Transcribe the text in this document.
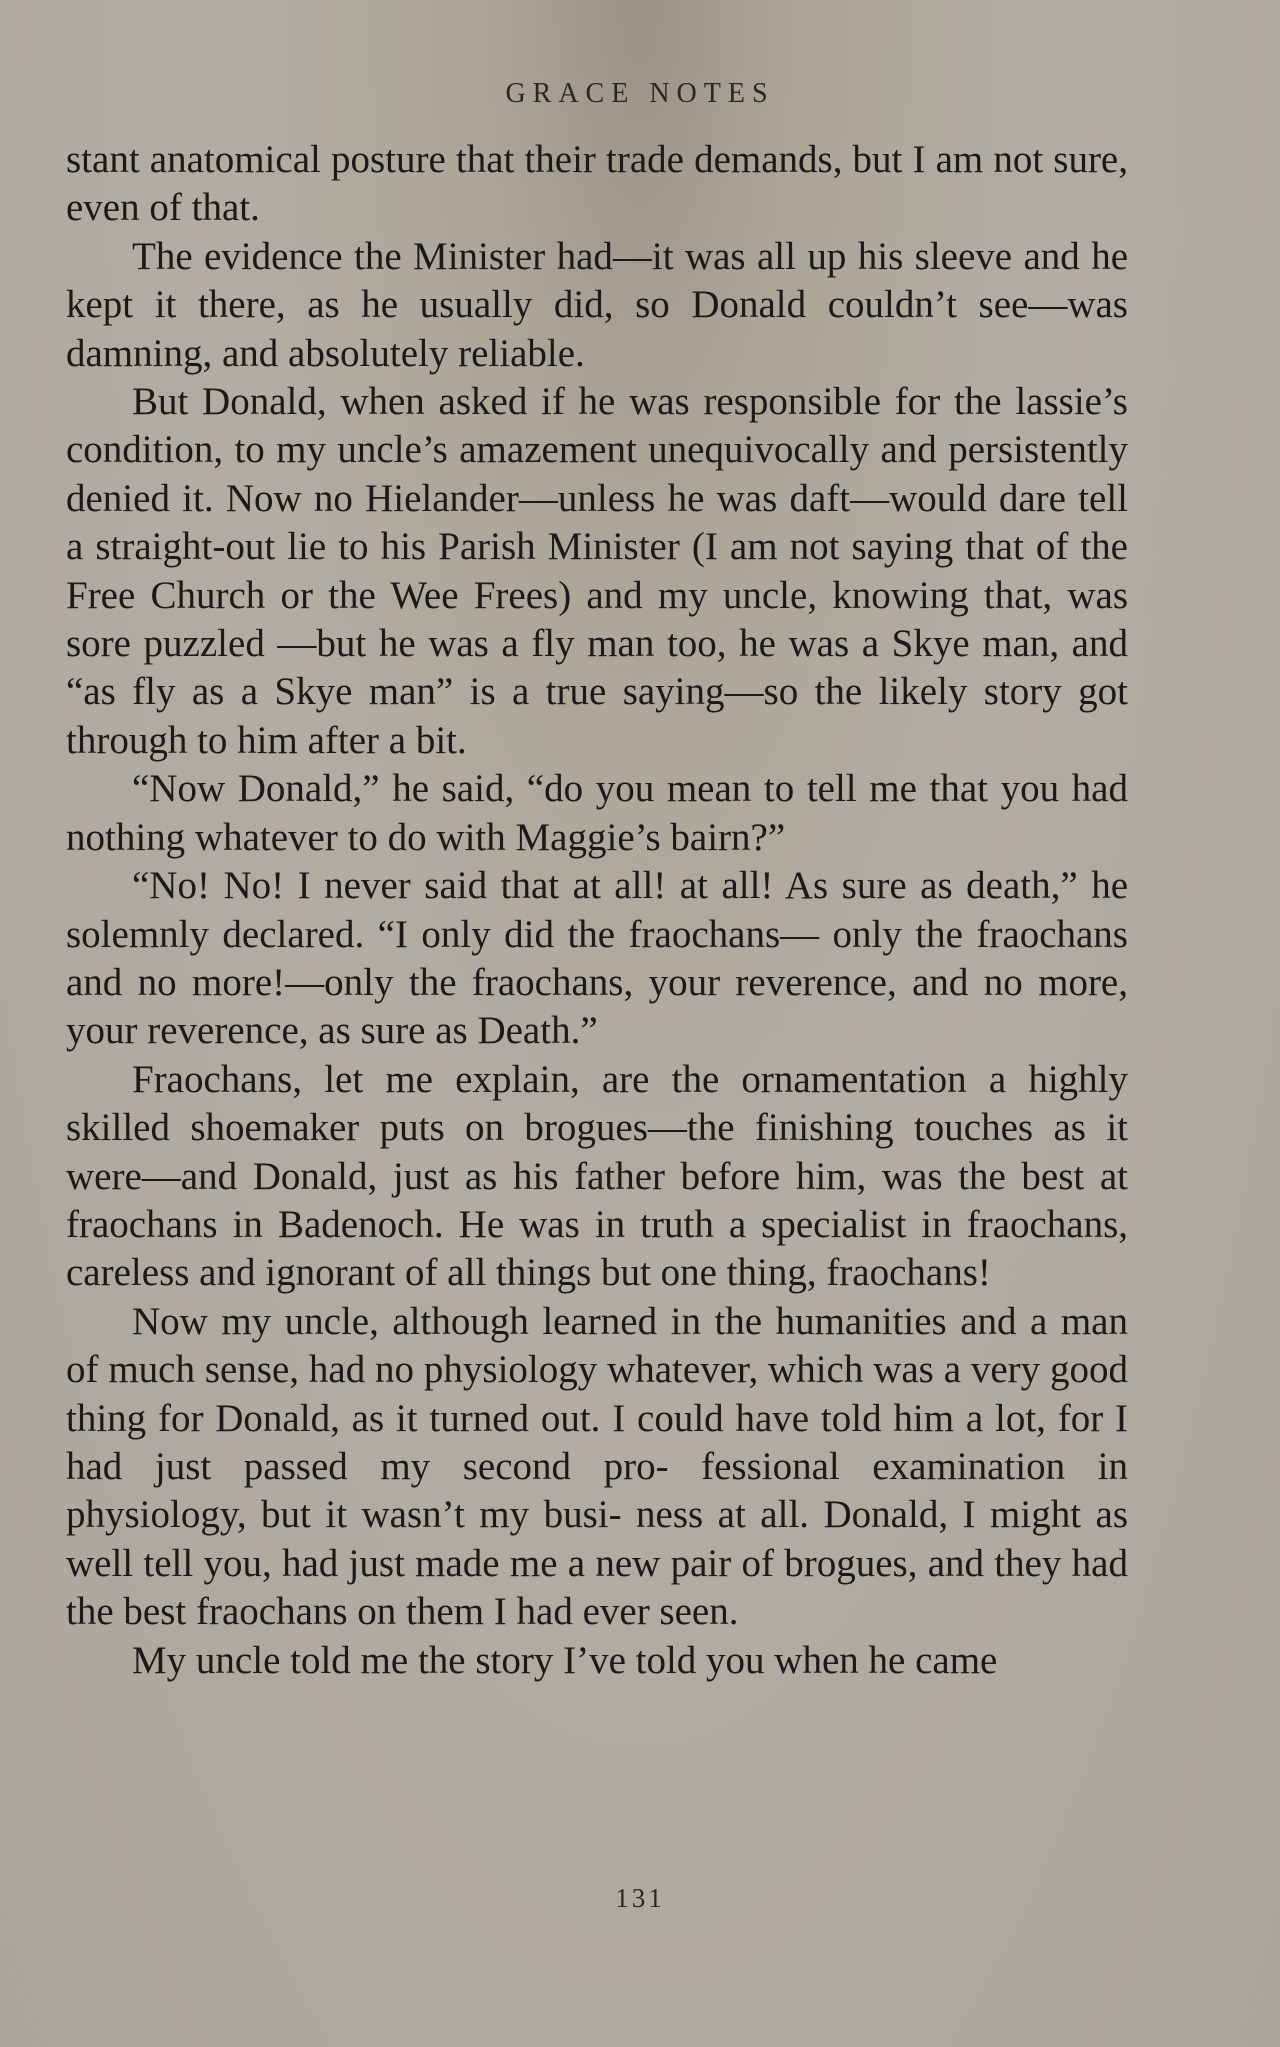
GRACE NOTES

stant anatomical posture that their trade demands, but I am not sure, even of that.

The evidence the Minister had—it was all up his sleeve and he kept it there, as he usually did, so Donald couldn’t see—was damning, and absolutely reliable.

But Donald, when asked if he was responsible for the lassie’s condition, to my uncle’s amazement unequivocally and persistently denied it. Now no Hielander—unless he was daft—would dare tell a straight-out lie to his Parish Minister (I am not saying that of the Free Church or the Wee Frees) and my uncle, knowing that, was sore puzzled —but he was a fly man too, he was a Skye man, and “as fly as a Skye man” is a true saying—so the likely story got through to him after a bit.

“Now Donald,” he said, “do you mean to tell me that you had nothing whatever to do with Maggie’s bairn?”

“No! No! I never said that at all! at all! As sure as death,” he solemnly declared. “I only did the fraochans— only the fraochans and no more!—only the fraochans, your reverence, and no more, your reverence, as sure as Death.”

Fraochans, let me explain, are the ornamentation a highly skilled shoemaker puts on brogues—the finishing touches as it were—and Donald, just as his father before him, was the best at fraochans in Badenoch. He was in truth a specialist in fraochans, careless and ignorant of all things but one thing, fraochans!

Now my uncle, although learned in the humanities and a man of much sense, had no physiology whatever, which was a very good thing for Donald, as it turned out. I could have told him a lot, for I had just passed my second pro‑ fessional examination in physiology, but it wasn’t my busi‑ ness at all. Donald, I might as well tell you, had just made me a new pair of brogues, and they had the best fraochans on them I had ever seen.

My uncle told me the story I’ve told you when he came

131
